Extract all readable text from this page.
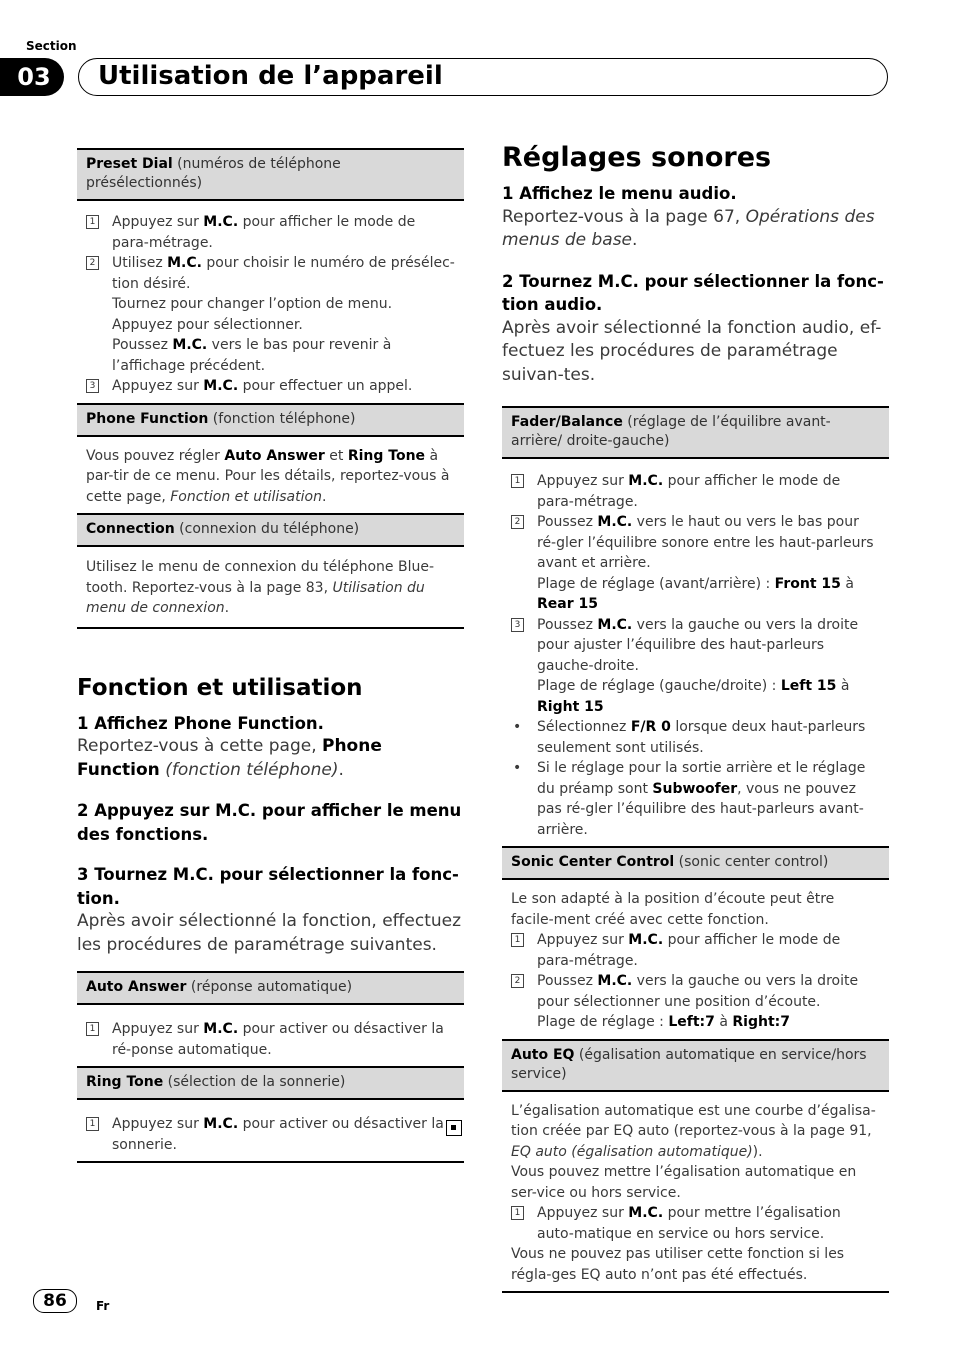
Section
03	Utilisation de l’appareil
Preset Dial (numéros de téléphone présélectionnés)
1 Appuyez sur M.C. pour afficher le mode de para-métrage.
2 Utilisez M.C. pour choisir le numéro de présélec-tion désiré.
Tournez pour changer l’option de menu. Appuyez pour sélectionner.
Poussez M.C. vers le bas pour revenir à l’affichage précédent.
3 Appuyez sur M.C. pour effectuer un appel.
Phone Function (fonction téléphone)
Vous pouvez régler Auto Answer et Ring Tone à par-tir de ce menu. Pour les détails, reportez-vous à cette page, Fonction et utilisation.
Connection (connexion du téléphone)
Utilisez le menu de connexion du téléphone Blue-tooth. Reportez-vous à la page 83, Utilisation du menu de connexion.
Fonction et utilisation
1 Affichez Phone Function.
Reportez-vous à cette page, Phone Function (fonction téléphone).
2 Appuyez sur M.C. pour afficher le menu des fonctions.
3 Tournez M.C. pour sélectionner la fonc-tion.
Après avoir sélectionné la fonction, effectuez les procédures de paramétrage suivantes.
Auto Answer (réponse automatique)
1 Appuyez sur M.C. pour activer ou désactiver la ré-ponse automatique.
Ring Tone (sélection de la sonnerie)
1 Appuyez sur M.C. pour activer ou désactiver la sonnerie.
Réglages sonores
1 Affichez le menu audio.
Reportez-vous à la page 67, Opérations des menus de base.
2 Tournez M.C. pour sélectionner la fonc-tion audio.
Après avoir sélectionné la fonction audio, ef-fectuez les procédures de paramétrage suivan-tes.
Fader/Balance (réglage de l’équilibre avant-arrière/ droite-gauche)
1 Appuyez sur M.C. pour afficher le mode de para-métrage.
2 Poussez M.C. vers le haut ou vers le bas pour ré-gler l’équilibre sonore entre les haut-parleurs avant et arrière.
Plage de réglage (avant/arrière) : Front 15 à Rear 15
3 Poussez M.C. vers la gauche ou vers la droite pour ajuster l’équilibre des haut-parleurs gauche-droite.
Plage de réglage (gauche/droite) : Left 15 à Right 15
• Sélectionnez F/R 0 lorsque deux haut-parleurs seulement sont utilisés.
• Si le réglage pour la sortie arrière et le réglage du préamp sont Subwoofer, vous ne pouvez pas ré-gler l’équilibre des haut-parleurs avant-arrière.
Sonic Center Control (sonic center control)
Le son adapté à la position d’écoute peut être facile-ment créé avec cette fonction.
1 Appuyez sur M.C. pour afficher le mode de para-métrage.
2 Poussez M.C. vers la gauche ou vers la droite pour sélectionner une position d’écoute.
Plage de réglage : Left:7 à Right:7
Auto EQ (égalisation automatique en service/hors service)
L’égalisation automatique est une courbe d’égalisa-tion créée par EQ auto (reportez-vous à la page 91, EQ auto (égalisation automatique)).
Vous pouvez mettre l’égalisation automatique en ser-vice ou hors service.
1 Appuyez sur M.C. pour mettre l’égalisation auto-matique en service ou hors service.
Vous ne pouvez pas utiliser cette fonction si les régla-ges EQ auto n’ont pas été effectués.
86	Fr
